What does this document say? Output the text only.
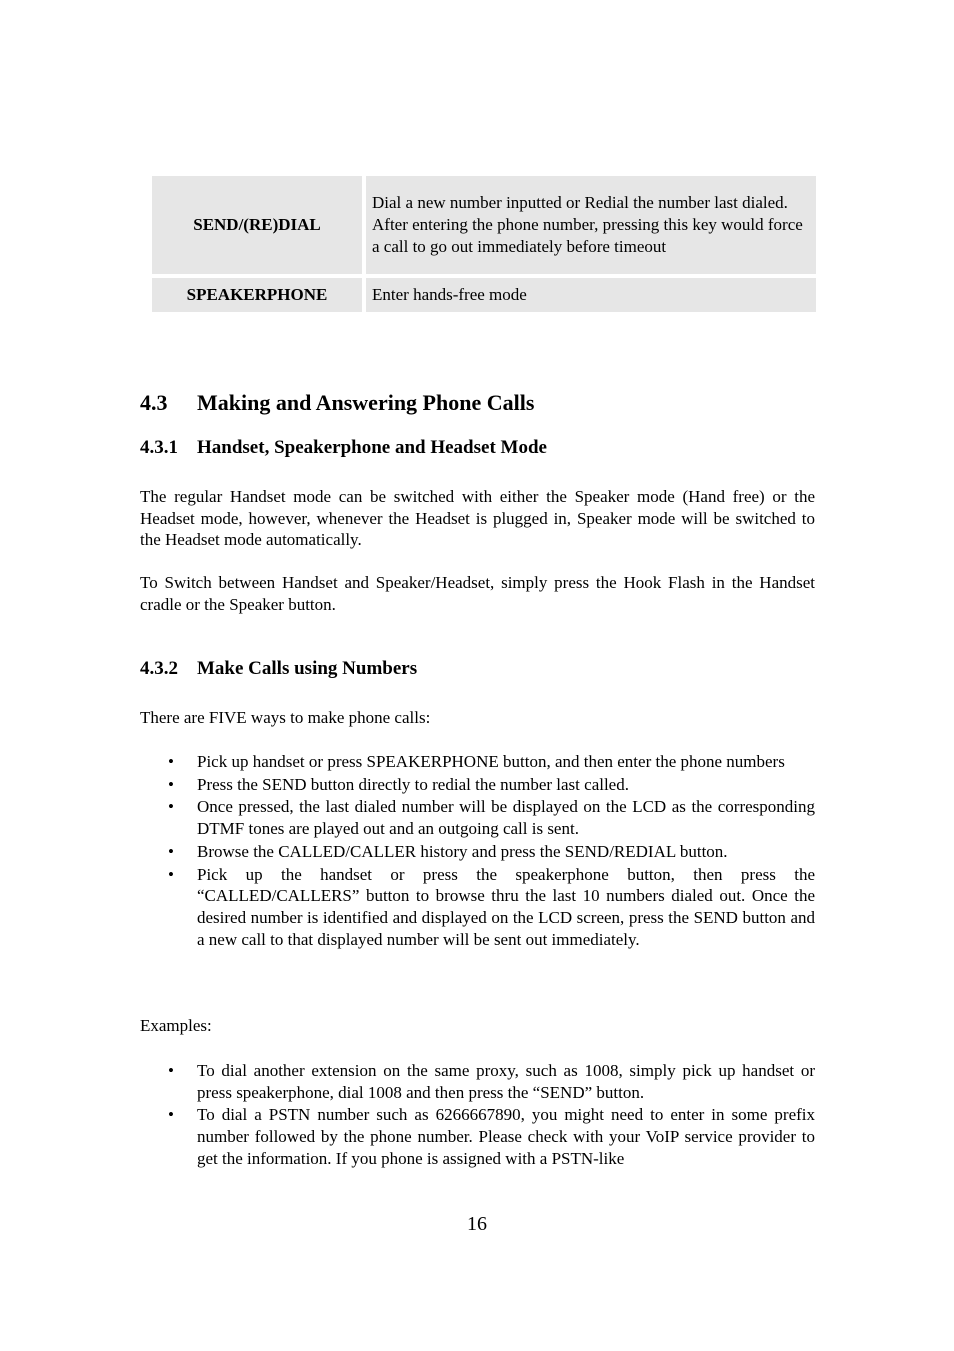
SEND/(RE)DIAL	Dial a new number inputted or Redial the number last dialed. After entering the phone number, pressing this key would force a call to go out immediately before timeout
SPEAKERPHONE	Enter hands-free mode
4.3 Making and Answering Phone Calls
4.3.1 Handset, Speakerphone and Headset Mode

The regular Handset mode can be switched with either the Speaker mode (Hand free) or the Headset mode, however, whenever the Headset is plugged in, Speaker mode will be switched to the Headset mode automatically.

To Switch between Handset and Speaker/Headset, simply press the Hook Flash in the Handset cradle or the Speaker button.

4.3.2 Make Calls using Numbers

There are FIVE ways to make phone calls:

• Pick up handset or press SPEAKERPHONE button, and then enter the phone numbers
• Press the SEND button directly to redial the number last called.
• Once pressed, the last dialed number will be displayed on the LCD as the corresponding DTMF tones are played out and an outgoing call is sent.
• Browse the CALLED/CALLER history and press the SEND/REDIAL button.
• Pick up the handset or press the speakerphone button, then press the “CALLED/CALLERS” button to browse thru the last 10 numbers dialed out. Once the desired number is identified and displayed on the LCD screen, press the SEND button and a new call to that displayed number will be sent out immediately.

Examples:

• To dial another extension on the same proxy, such as 1008, simply pick up handset or press speakerphone, dial 1008 and then press the “SEND” button.
• To dial a PSTN number such as 6266667890, you might need to enter in some prefix number followed by the phone number. Please check with your VoIP service provider to get the information. If you phone is assigned with a PSTN-like
16
